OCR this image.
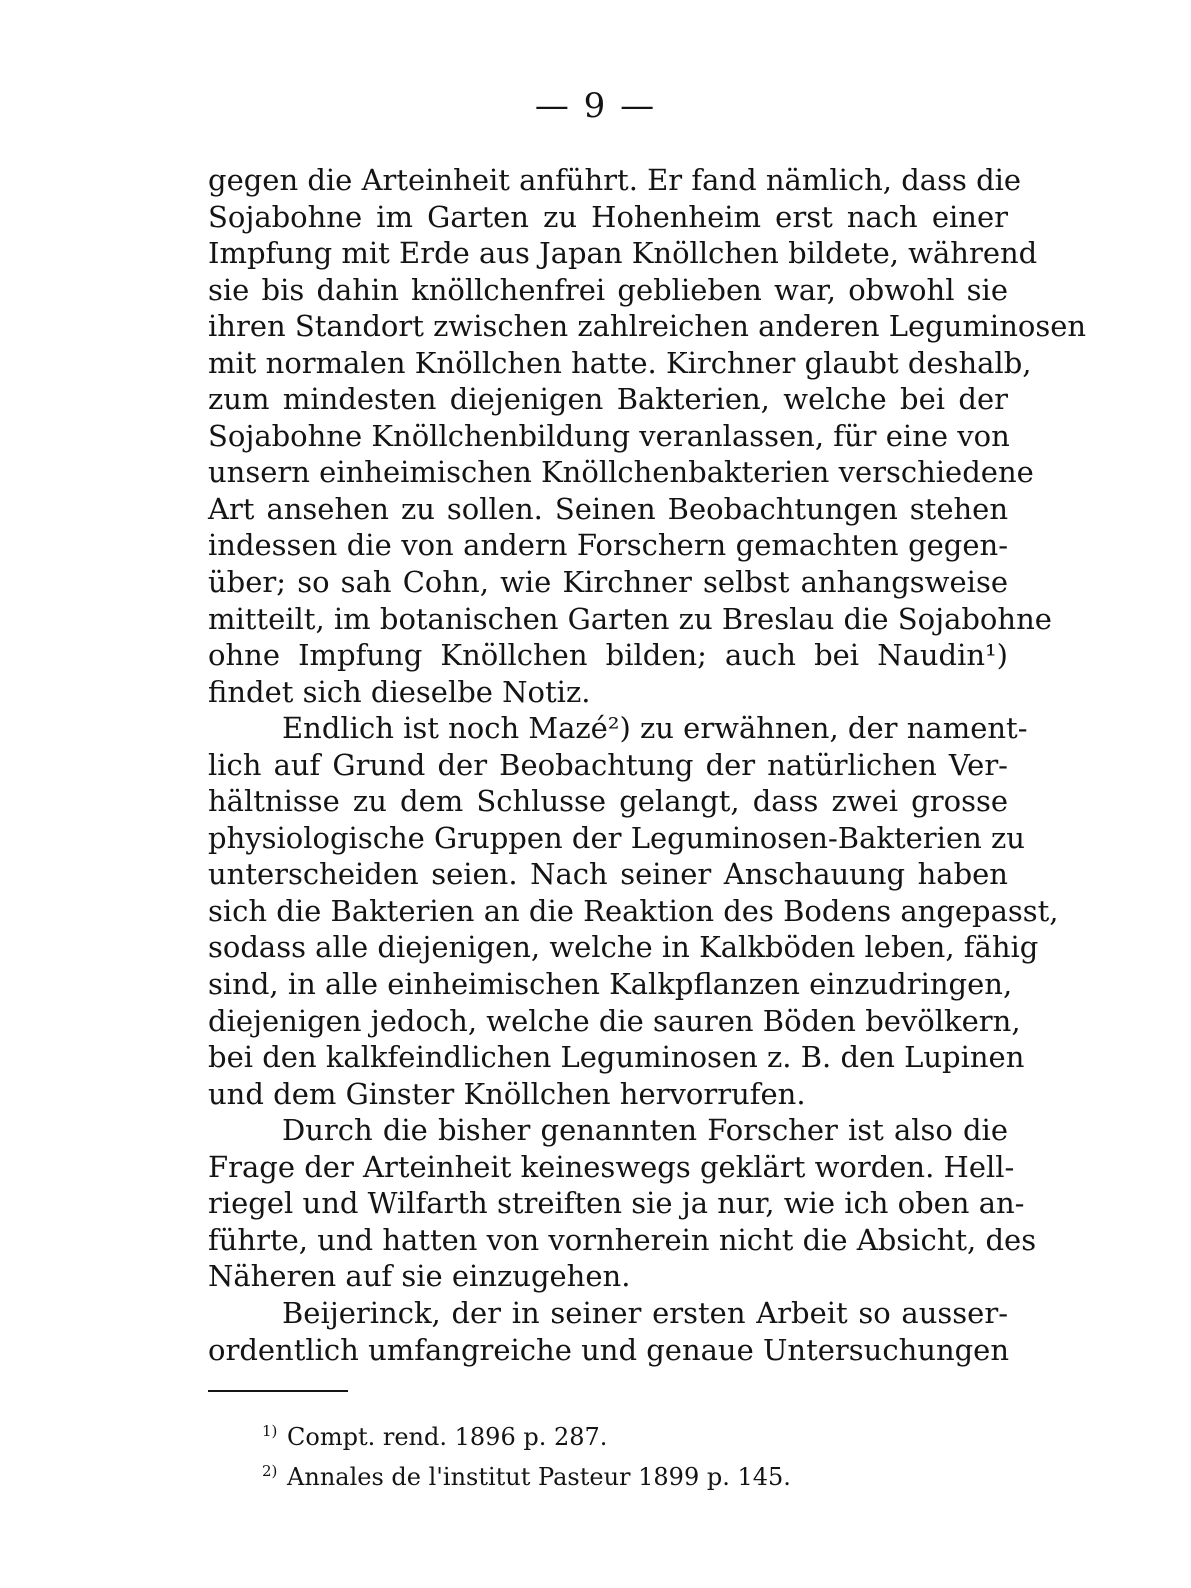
— 9 —
gegen die Arteinheit anführt. Er fand nämlich, dass die
Sojabohne im Garten zu Hohenheim erst nach einer
Impfung mit Erde aus Japan Knöllchen bildete, während
sie bis dahin knöllchenfrei geblieben war, obwohl sie
ihren Standort zwischen zahlreichen anderen Leguminosen
mit normalen Knöllchen hatte. Kirchner glaubt deshalb,
zum mindesten diejenigen Bakterien, welche bei der
Sojabohne Knöllchenbildung veranlassen, für eine von
unsern einheimischen Knöllchenbakterien verschiedene
Art ansehen zu sollen. Seinen Beobachtungen stehen
indessen die von andern Forschern gemachten gegen-
über; so sah Cohn, wie Kirchner selbst anhangsweise
mitteilt, im botanischen Garten zu Breslau die Sojabohne
ohne Impfung Knöllchen bilden; auch bei Naudin¹)
findet sich dieselbe Notiz.
Endlich ist noch Mazé²) zu erwähnen, der nament-
lich auf Grund der Beobachtung der natürlichen Ver-
hältnisse zu dem Schlusse gelangt, dass zwei grosse
physiologische Gruppen der Leguminosen-Bakterien zu
unterscheiden seien. Nach seiner Anschauung haben
sich die Bakterien an die Reaktion des Bodens angepasst,
sodass alle diejenigen, welche in Kalkböden leben, fähig
sind, in alle einheimischen Kalkpflanzen einzudringen,
diejenigen jedoch, welche die sauren Böden bevölkern,
bei den kalkfeindlichen Leguminosen z. B. den Lupinen
und dem Ginster Knöllchen hervorrufen.
Durch die bisher genannten Forscher ist also die
Frage der Arteinheit keineswegs geklärt worden. Hell-
riegel und Wilfarth streiften sie ja nur, wie ich oben an-
führte, und hatten von vornherein nicht die Absicht, des
Näheren auf sie einzugehen.
Beijerinck, der in seiner ersten Arbeit so ausser-
ordentlich umfangreiche und genaue Untersuchungen
$^{1)}$ Compt. rend. 1896 p. 287.
$^{2)}$ Annales de l'institut Pasteur 1899 p. 145.
